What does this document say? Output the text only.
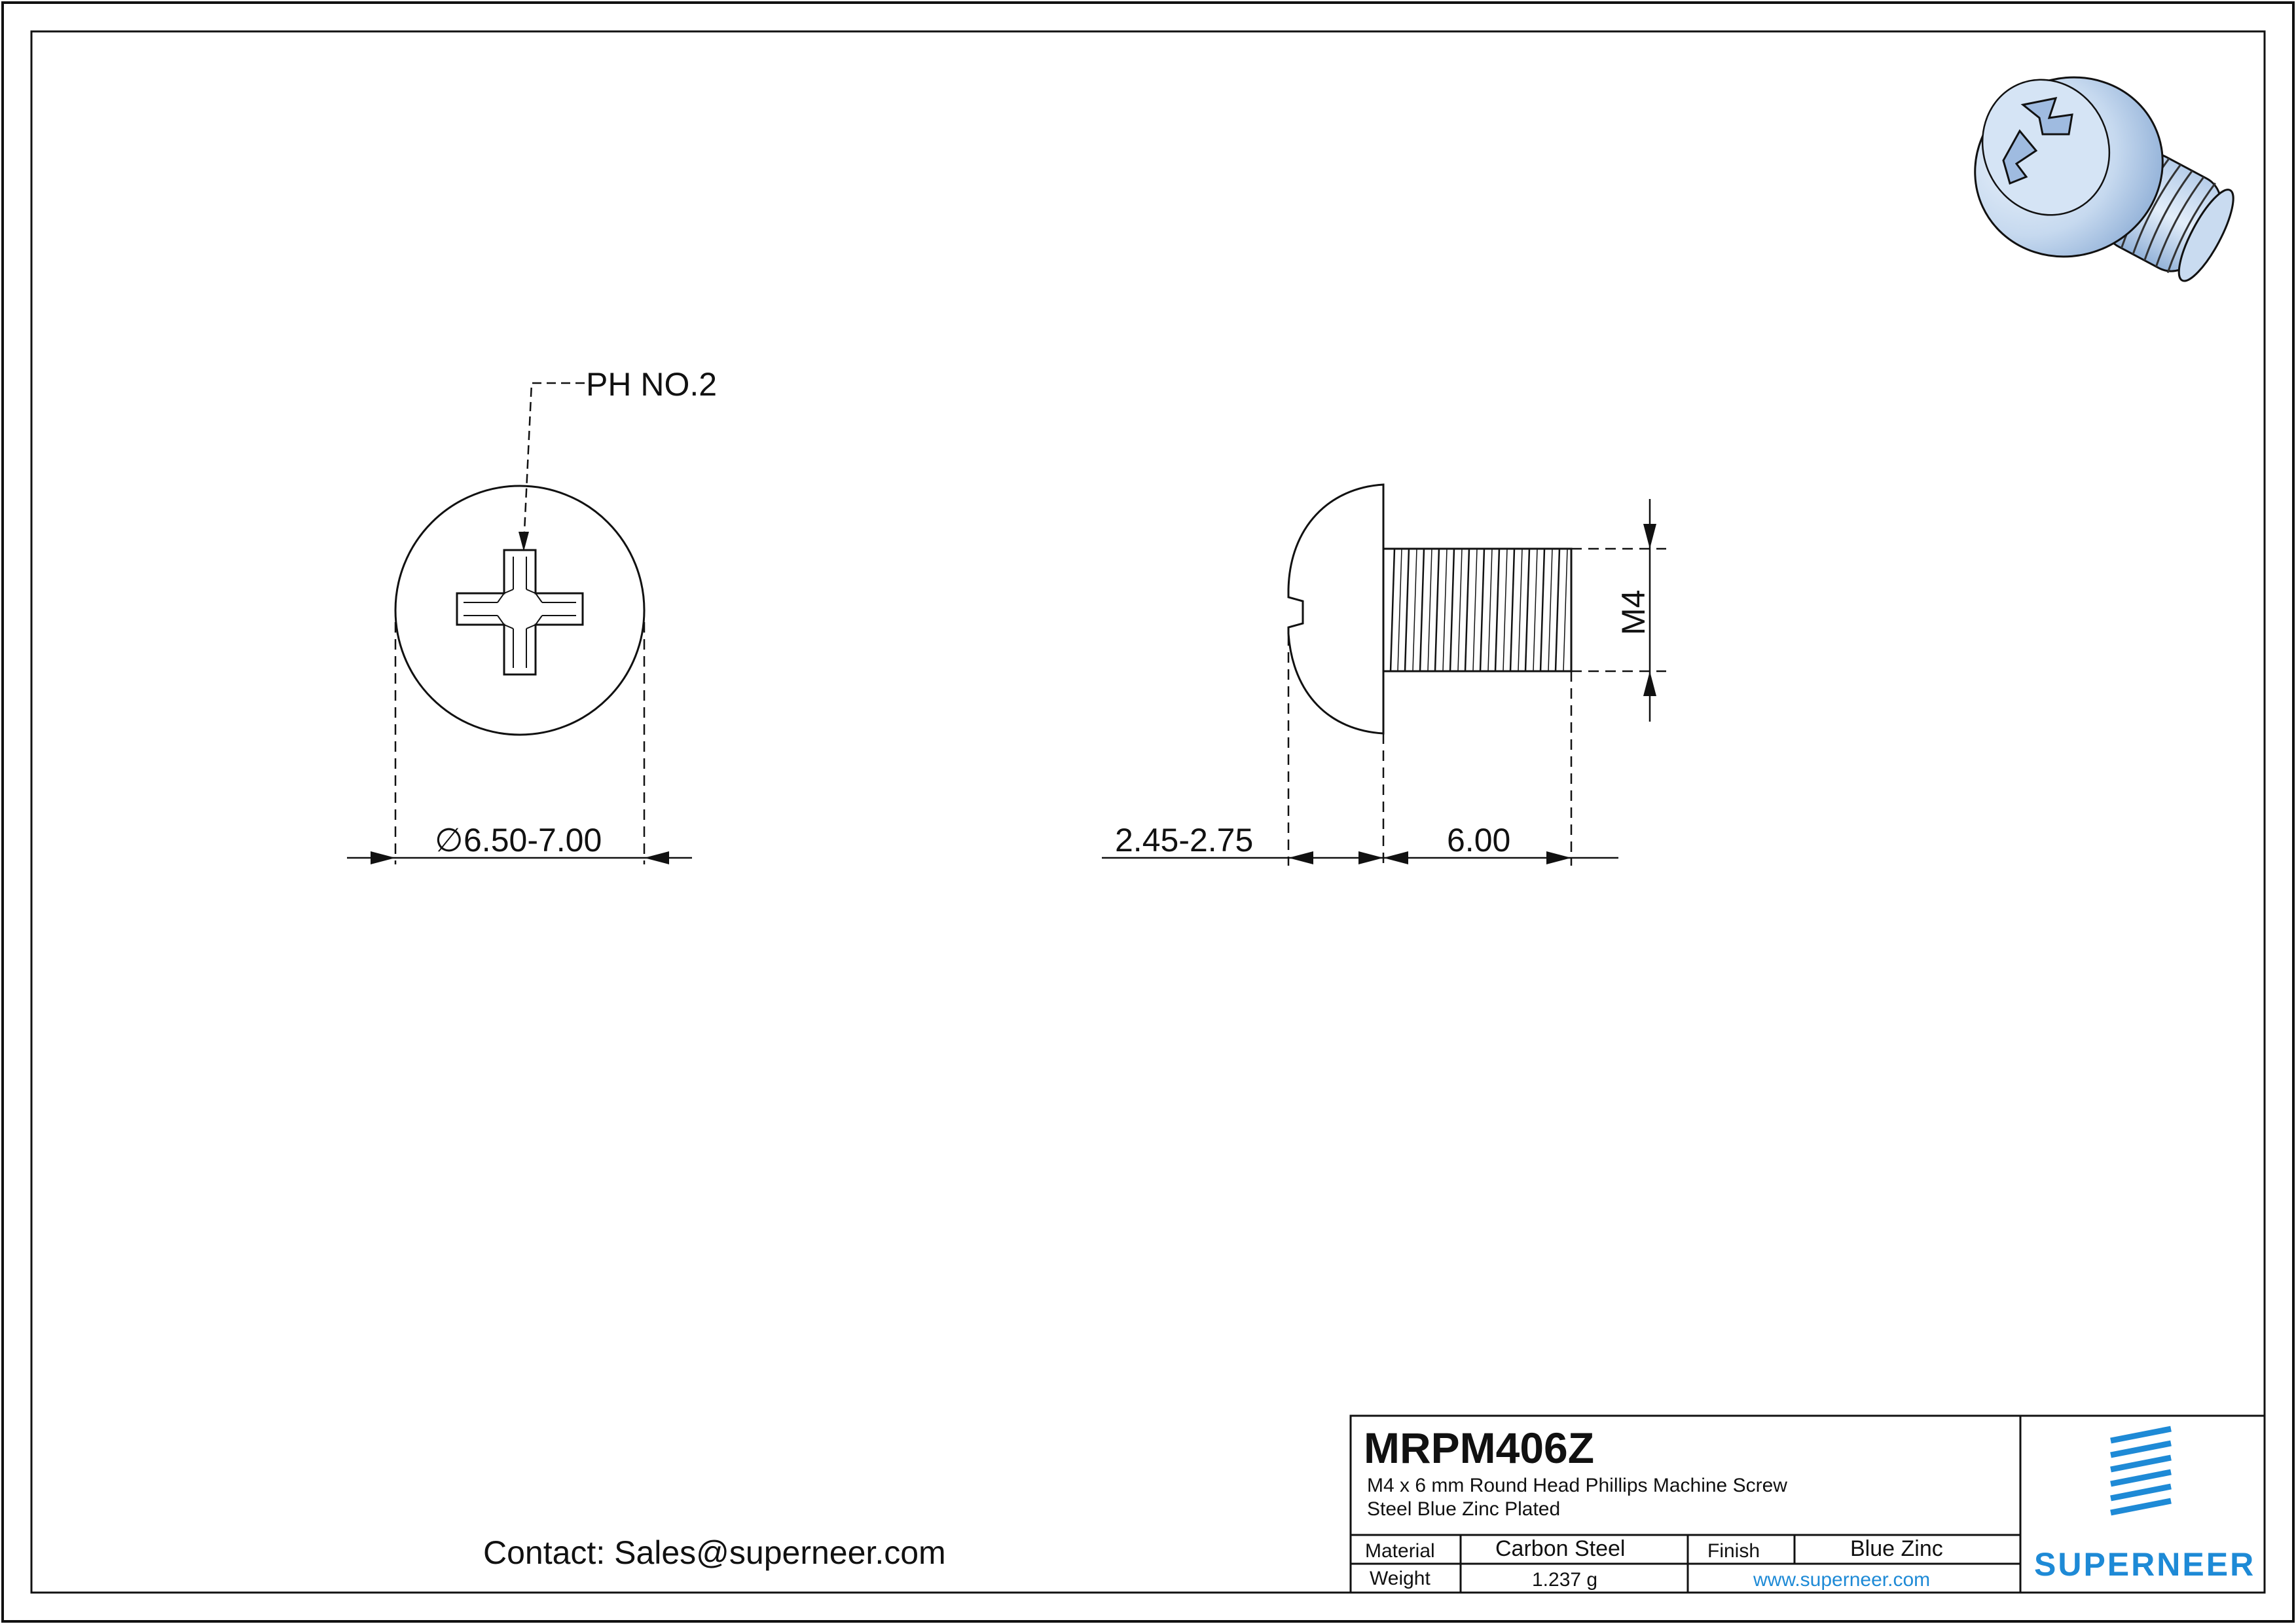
PH NO.2
∅ 6.50-7.00	2.45-2.75	6.00
M4
Contact: Sales@superneer.com
MRPM406Z
M4 x 6 mm Round Head Phillips Machine Screw
Steel Blue Zinc Plated
Material	Carbon Steel	Finish	Blue Zinc
Weight	1.237 g	www.superneer.com	SUPERNEER
